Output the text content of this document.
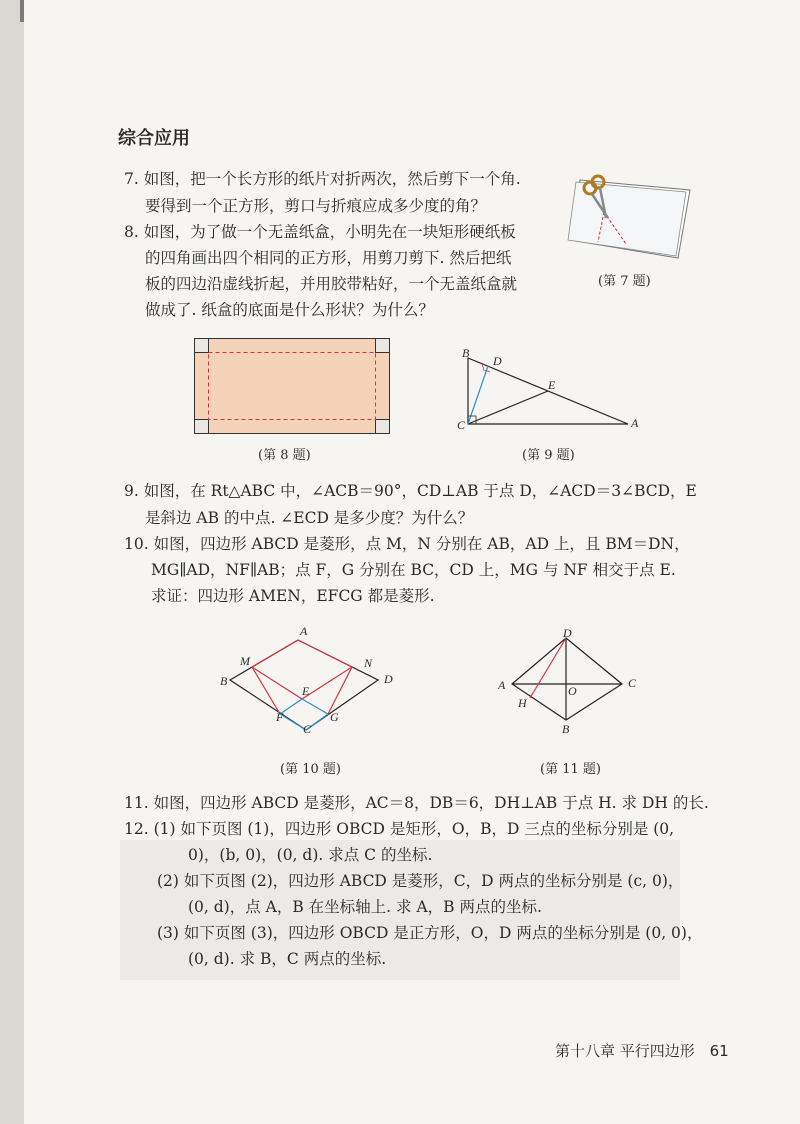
综合应用
7. 如图，把一个长方形的纸片对折两次，然后剪下一个角.
要得到一个正方形，剪口与折痕应成多少度的角？
8. 如图，为了做一个无盖纸盒，小明先在一块矩形硬纸板
的四角画出四个相同的正方形，用剪刀剪下. 然后把纸
板的四边沿虚线折起，并用胶带粘好，一个无盖纸盒就
做成了. 纸盒的底面是什么形状？为什么？
(第 7 题)
(第 8 题)
B
D
E
C	A
(第 9 题)
9. 如图，在 Rt△ABC 中，∠ACB＝90°，CD⊥AB 于点 D，∠ACD＝3∠BCD，E
是斜边 AB 的中点. ∠ECD 是多少度？为什么？
10. 如图，四边形 ABCD 是菱形，点 M，N 分别在 AB，AD 上，且 BM＝DN，
MG∥AD，NF∥AB；点 F，G 分别在 BC，CD 上，MG 与 NF 相交于点 E.
求证：四边形 AMEN，EFCG 都是菱形.
A
M	N
B	D
E
F	G
C
(第 10 题)
D
A	O
C
H
B
(第 11 题)
11. 如图，四边形 ABCD 是菱形，AC＝8，DB＝6，DH⊥AB 于点 H. 求 DH 的长.
12. (1) 如下页图 (1)，四边形 OBCD 是矩形，O，B，D 三点的坐标分别是 (0,
0)，(b, 0)，(0, d). 求点 C 的坐标.
(2) 如下页图 (2)，四边形 ABCD 是菱形，C，D 两点的坐标分别是 (c, 0)，
(0, d)，点 A，B 在坐标轴上. 求 A，B 两点的坐标.
(3) 如下页图 (3)，四边形 OBCD 是正方形，O，D 两点的坐标分别是 (0, 0)，
(0, d). 求 B，C 两点的坐标.
第十八章 平行四边形 61
